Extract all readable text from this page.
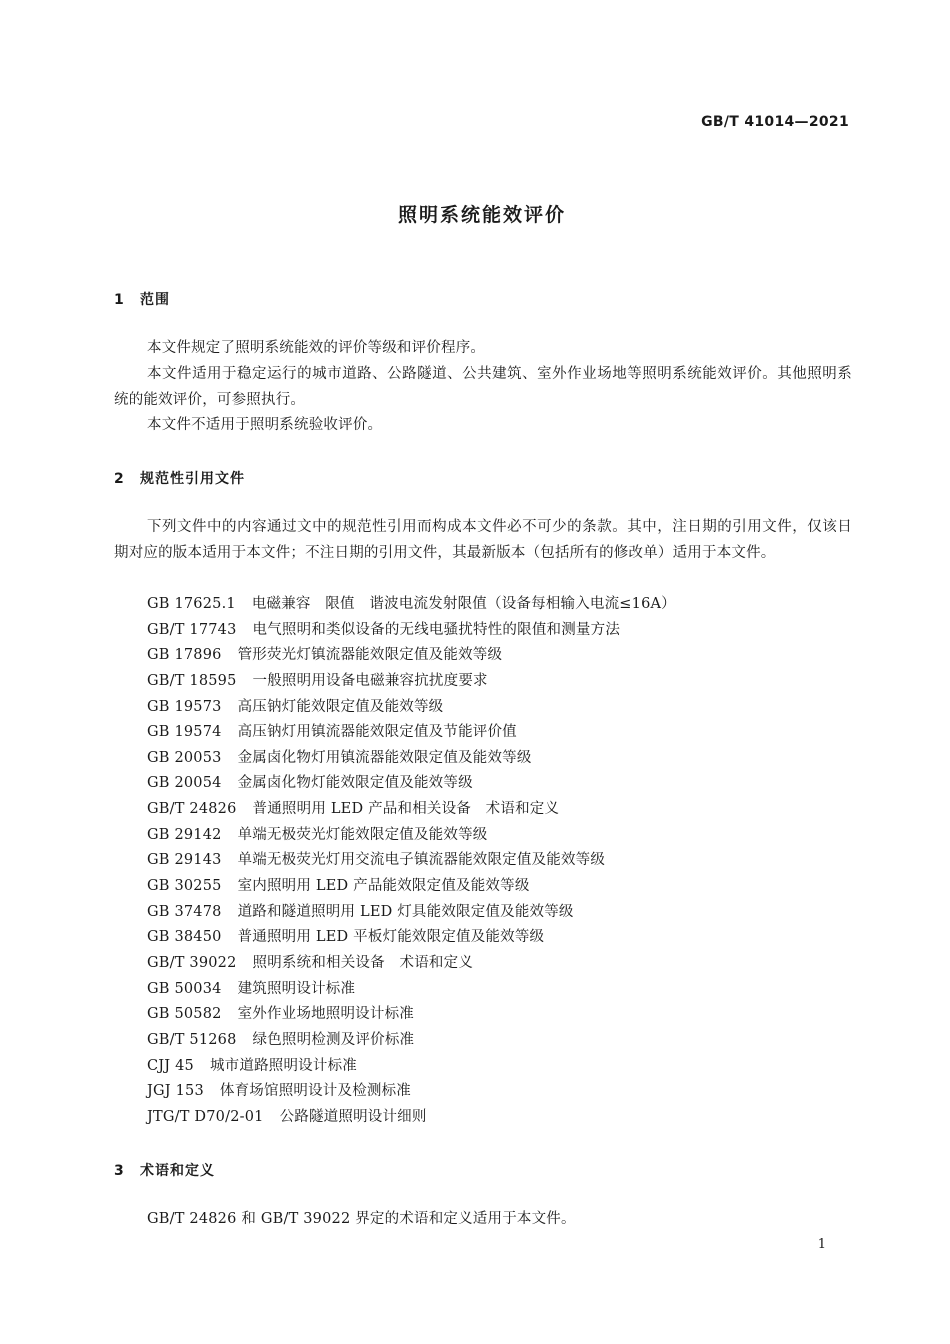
GB/T 41014—2021
照明系统能效评价
1 范围
本文件规定了照明系统能效的评价等级和评价程序。
本文件适用于稳定运行的城市道路、公路隧道、公共建筑、室外作业场地等照明系统能效评价。其他照明系统的能效评价，可参照执行。
本文件不适用于照明系统验收评价。
2 规范性引用文件
下列文件中的内容通过文中的规范性引用而构成本文件必不可少的条款。其中，注日期的引用文件，仅该日期对应的版本适用于本文件；不注日期的引用文件，其最新版本（包括所有的修改单）适用于本文件。
GB 17625.1 电磁兼容　限值　谐波电流发射限值（设备每相输入电流≤16A）
GB/T 17743 电气照明和类似设备的无线电骚扰特性的限值和测量方法
GB 17896 管形荧光灯镇流器能效限定值及能效等级
GB/T 18595 一般照明用设备电磁兼容抗扰度要求
GB 19573 高压钠灯能效限定值及能效等级
GB 19574 高压钠灯用镇流器能效限定值及节能评价值
GB 20053 金属卤化物灯用镇流器能效限定值及能效等级
GB 20054 金属卤化物灯能效限定值及能效等级
GB/T 24826 普通照明用 LED 产品和相关设备　术语和定义
GB 29142 单端无极荧光灯能效限定值及能效等级
GB 29143 单端无极荧光灯用交流电子镇流器能效限定值及能效等级
GB 30255 室内照明用 LED 产品能效限定值及能效等级
GB 37478 道路和隧道照明用 LED 灯具能效限定值及能效等级
GB 38450 普通照明用 LED 平板灯能效限定值及能效等级
GB/T 39022 照明系统和相关设备　术语和定义
GB 50034 建筑照明设计标准
GB 50582 室外作业场地照明设计标准
GB/T 51268 绿色照明检测及评价标准
CJJ 45 城市道路照明设计标准
JGJ 153 体育场馆照明设计及检测标准
JTG/T D70/2-01 公路隧道照明设计细则
3 术语和定义
GB/T 24826 和 GB/T 39022 界定的术语和定义适用于本文件。
1
